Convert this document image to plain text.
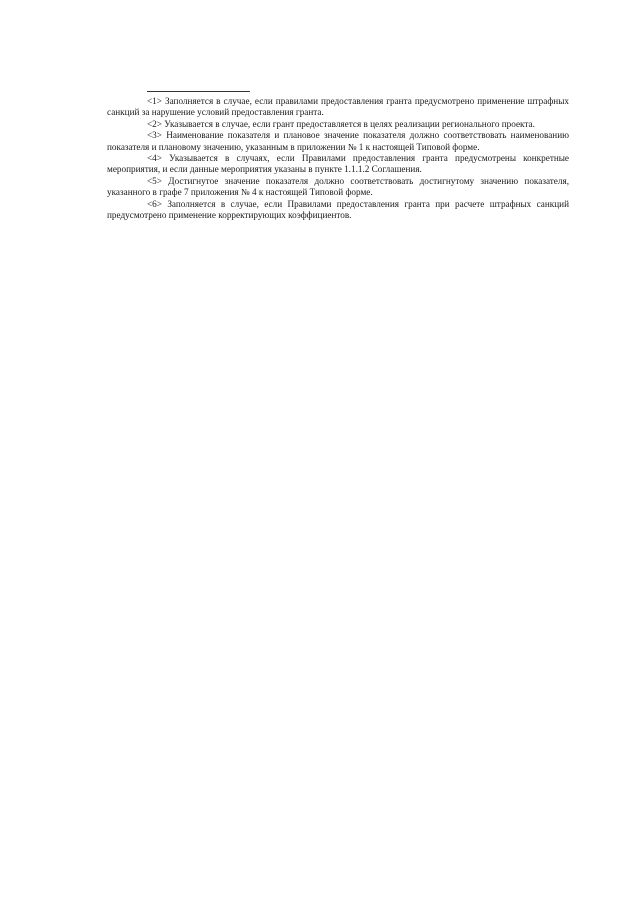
<1> Заполняется в случае, если правилами предоставления гранта предусмотрено применение штрафных санкций за нарушение условий предоставления гранта.

<2> Указывается в случае, если грант предоставляется в целях реализации регионального проекта.

<3> Наименование показателя и плановое значение показателя должно соответствовать наименованию показателя и плановому значению, указанным в приложении № 1 к настоящей Типовой форме.

<4> Указывается в случаях, если Правилами предоставления гранта предусмотрены конкретные мероприятия, и если данные мероприятия указаны в пункте 1.1.1.2 Соглашения.

<5> Достигнутое значение показателя должно соответствовать достигнутому значению показателя, указанного в графе 7 приложения № 4 к настоящей Типовой форме.

<6> Заполняется в случае, если Правилами предоставления гранта при расчете штрафных санкций предусмотрено применение корректирующих коэффициентов.
